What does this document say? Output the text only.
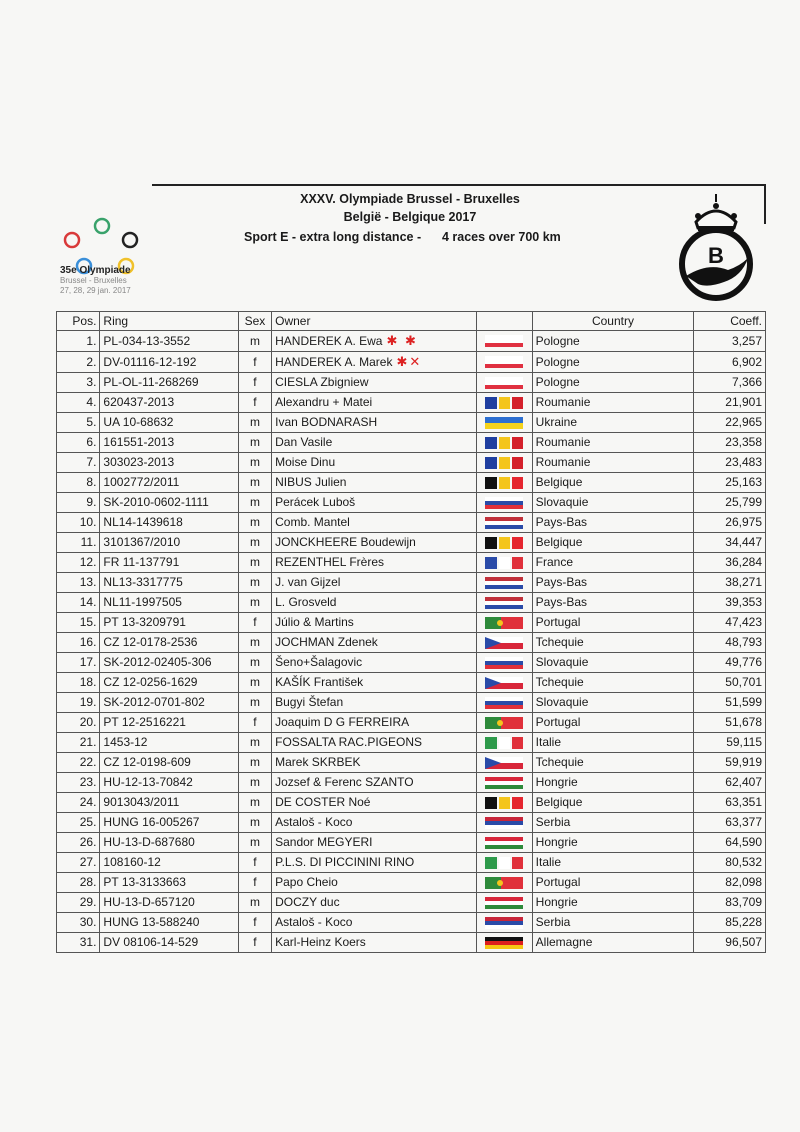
35e Olympiade
Brussel - Bruxelles
27, 28, 29 jan. 2017
XXXV. Olympiade Brussel - Bruxelles
België - Belgique 2017
Sport E - extra long distance -      4 races over 700 km
B
Pos.	Ring	Sex	Owner		Country	Coeff.
1.	PL-034-13-3552	m	HANDEREK A. Ewa ✱ ✱		Pologne	3,257
2.	DV-01116-12-192	f	HANDEREK A. Marek ✱✕		Pologne	6,902
3.	PL-OL-11-268269	f	CIESLA Zbigniew		Pologne	7,366
4.	620437-2013	f	Alexandru + Matei		Roumanie	21,901
5.	UA 10-68632	m	Ivan BODNARASH		Ukraine	22,965
6.	161551-2013	m	Dan Vasile		Roumanie	23,358
7.	303023-2013	m	Moise Dinu		Roumanie	23,483
8.	1002772/2011	m	NIBUS Julien		Belgique	25,163
9.	SK-2010-0602-1111	m	Perácek Luboš		Slovaquie	25,799
10.	NL14-1439618	m	Comb. Mantel		Pays-Bas	26,975
11.	3101367/2010	m	JONCKHEERE Boudewijn		Belgique	34,447
12.	FR 11-137791	m	REZENTHEL Frères		France	36,284
13.	NL13-3317775	m	J. van Gijzel		Pays-Bas	38,271
14.	NL11-1997505	m	L. Grosveld		Pays-Bas	39,353
15.	PT 13-3209791	f	Júlio & Martins		Portugal	47,423
16.	CZ 12-0178-2536	m	JOCHMAN Zdenek		Tchequie	48,793
17.	SK-2012-02405-306	m	Šeno+Šalagovic		Slovaquie	49,776
18.	CZ 12-0256-1629	m	KAŠÍK František		Tchequie	50,701
19.	SK-2012-0701-802	m	Bugyi Štefan		Slovaquie	51,599
20.	PT 12-2516221	f	Joaquim D G FERREIRA		Portugal	51,678
21.	1453-12	m	FOSSALTA RAC.PIGEONS		Italie	59,115
22.	CZ 12-0198-609	m	Marek SKRBEK		Tchequie	59,919
23.	HU-12-13-70842	m	Jozsef & Ferenc SZANTO		Hongrie	62,407
24.	9013043/2011	m	DE COSTER Noé		Belgique	63,351
25.	HUNG 16-005267	m	Astaloš - Koco		Serbia	63,377
26.	HU-13-D-687680	m	Sandor MEGYERI		Hongrie	64,590
27.	108160-12	f	P.L.S. DI PICCININI RINO		Italie	80,532
28.	PT 13-3133663	f	Papo Cheio		Portugal	82,098
29.	HU-13-D-657120	m	DOCZY duc		Hongrie	83,709
30.	HUNG 13-588240	f	Astaloš - Koco		Serbia	85,228
31.	DV 08106-14-529	f	Karl-Heinz Koers		Allemagne	96,507
